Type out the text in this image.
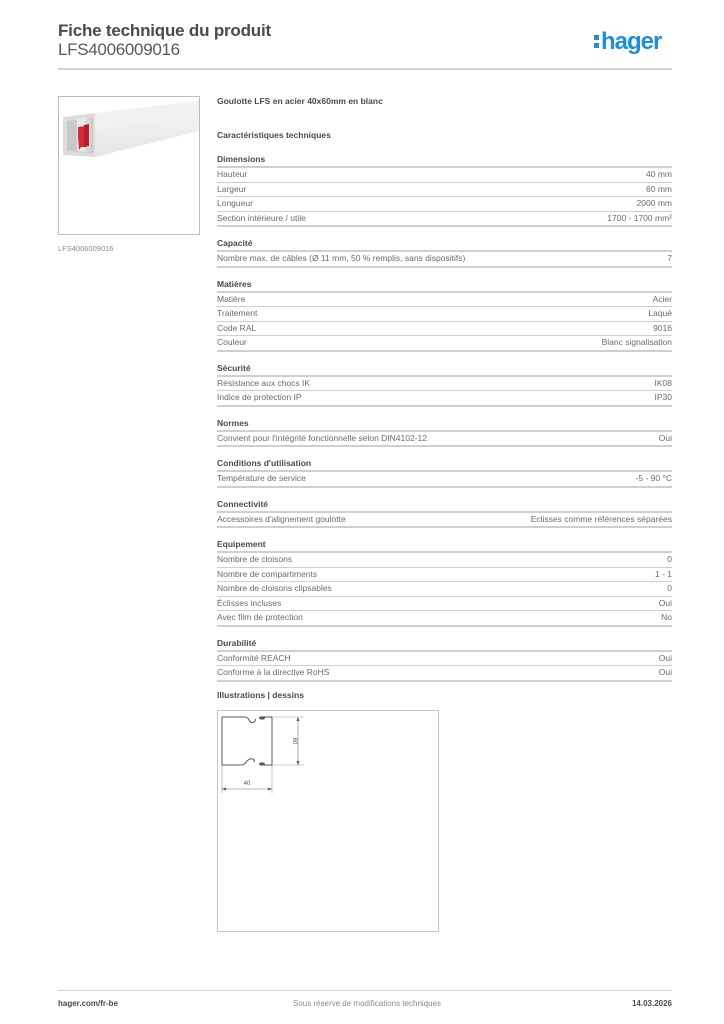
Fiche technique du produit
LFS4006009016	hager
LFS4006009016
Goulotte LFS en acier 40x60mm en blanc
Caractéristiques techniques
Dimensions
Hauteur	40 mm
Largeur	60 mm
Longueur	2000 mm
Section intérieure / utile	1700 - 1700 mm²
Capacité
Nombre max. de câbles (Ø 11 mm, 50 % remplis, sans dispositifs)	7
Matières
Matière	Acier
Traitement	Laqué
Code RAL	9016
Couleur	Blanc signalisation
Sécurité
Résistance aux chocs IK	IK08
Indice de protection IP	IP30
Normes
Convient pour l'intégrité fonctionnelle selon DIN4102-12	Oui
Conditions d'utilisation
Température de service	-5 - 90 °C
Connectivité
Accessoires d'alignement goulotte	Eclisses comme références séparées
Equipement
Nombre de cloisons	0
Nombre de compartiments	1 - 1
Nombre de cloisons clipsables	0
Éclisses incluses	Oui
Avec film de protection	No
Durabilité
Conformité REACH	Oui
Conforme à la directive RoHS	Oui
Illustrations | dessins
40
60
hager.com/fr-be	Sous réserve de modifications techniques	14.03.2026
